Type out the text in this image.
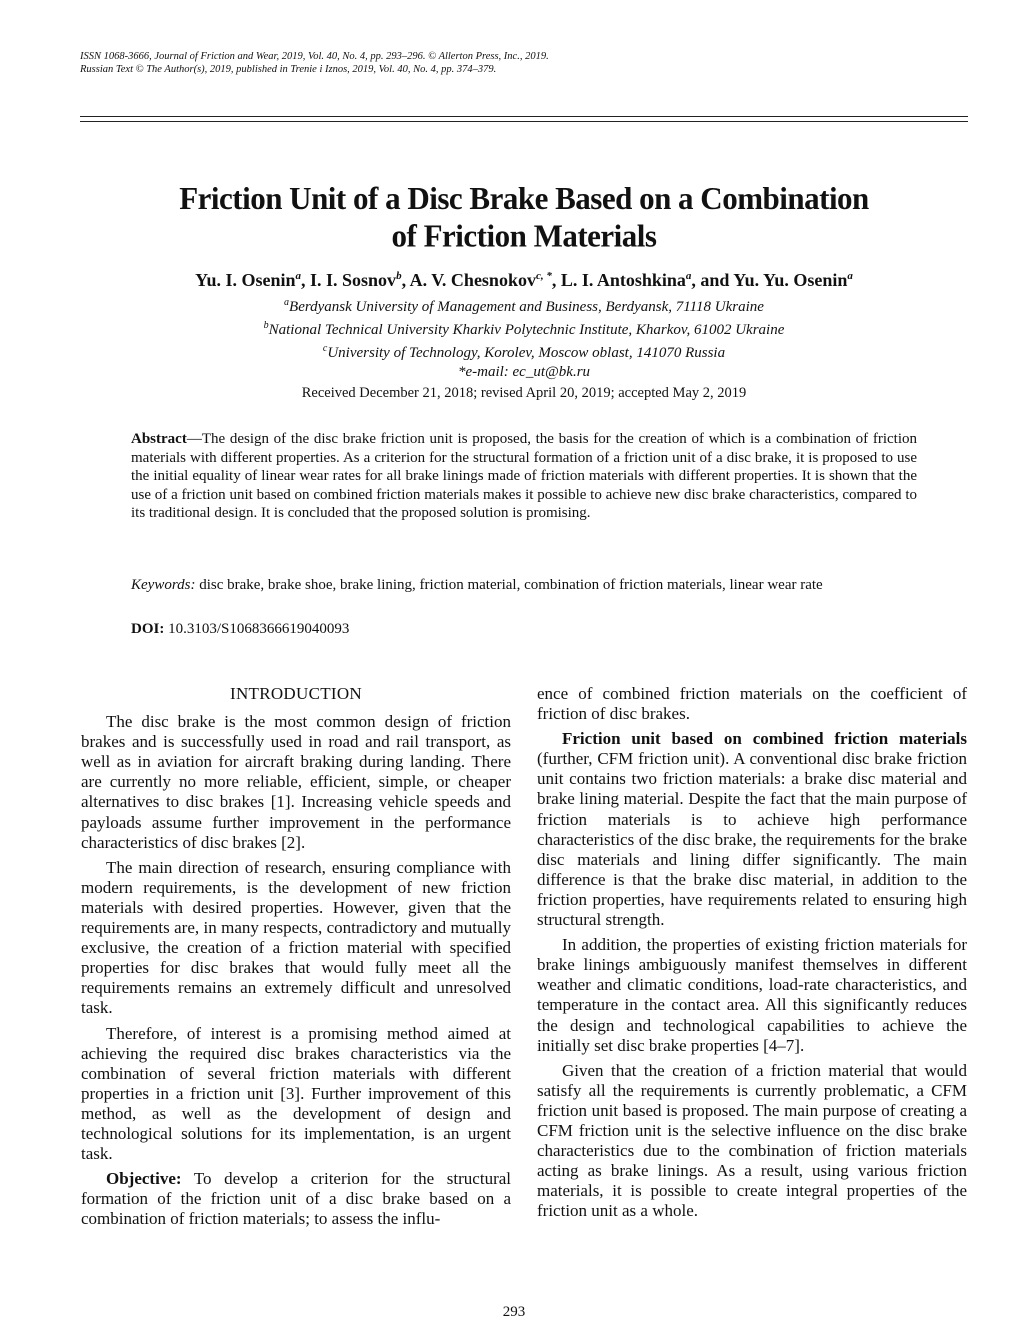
ISSN 1068-3666, Journal of Friction and Wear, 2019, Vol. 40, No. 4, pp. 293–296. © Allerton Press, Inc., 2019.
Russian Text © The Author(s), 2019, published in Trenie i Iznos, 2019, Vol. 40, No. 4, pp. 374–379.
Friction Unit of a Disc Brake Based on a Combination
of Friction Materials
Yu. I. Osenin$^a$, I. I. Sosnov$^b$, A. V. Chesnokov$^{c, *}$, L. I. Antoshkina$^a$, and Yu. Yu. Osenin$^a$
$^a$Berdyansk University of Management and Business, Berdyansk, 71118 Ukraine
$^b$National Technical University Kharkiv Polytechnic Institute, Kharkov, 61002 Ukraine
$^c$University of Technology, Korolev, Moscow oblast, 141070 Russia
*e-mail: ec_ut@bk.ru
Received December 21, 2018; revised April 20, 2019; accepted May 2, 2019
Abstract—The design of the disc brake friction unit is proposed, the basis for the creation of which is a combination of friction materials with different properties. As a criterion for the structural formation of a friction unit of a disc brake, it is proposed to use the initial equality of linear wear rates for all brake linings made of friction materials with different properties. It is shown that the use of a friction unit based on combined friction materials makes it possible to achieve new disc brake characteristics, compared to its traditional design. It is concluded that the proposed solution is promising.
Keywords: disc brake, brake shoe, brake lining, friction material, combination of friction materials, linear wear rate
DOI: 10.3103/S1068366619040093
INTRODUCTION

The disc brake is the most common design of friction brakes and is successfully used in road and rail transport, as well as in aviation for aircraft braking during landing. There are currently no more reliable, efficient, simple, or cheaper alternatives to disc brakes [1]. Increasing vehicle speeds and payloads assume further improvement in the performance characteristics of disc brakes [2].

The main direction of research, ensuring compliance with modern requirements, is the development of new friction materials with desired properties. However, given that the requirements are, in many respects, contradictory and mutually exclusive, the creation of a friction material with specified properties for disc brakes that would fully meet all the requirements remains an extremely difficult and unresolved task.

Therefore, of interest is a promising method aimed at achieving the required disc brakes characteristics via the combination of several friction materials with different properties in a friction unit [3]. Further improvement of this method, as well as the development of design and technological solutions for its implementation, is an urgent task.

Objective: To develop a criterion for the structural formation of the friction unit of a disc brake based on a combination of friction materials; to assess the influ-

ence of combined friction materials on the coefficient of friction of disc brakes.

Friction unit based on combined friction materials (further, CFM friction unit). A conventional disc brake friction unit contains two friction materials: a brake disc material and brake lining material. Despite the fact that the main purpose of friction materials is to achieve high performance characteristics of the disc brake, the requirements for the brake disc materials and lining differ significantly. The main difference is that the brake disc material, in addition to the friction properties, have requirements related to ensuring high structural strength.

In addition, the properties of existing friction materials for brake linings ambiguously manifest themselves in different weather and climatic conditions, load-rate characteristics, and temperature in the contact area. All this significantly reduces the design and technological capabilities to achieve the initially set disc brake properties [4–7].

Given that the creation of a friction material that would satisfy all the requirements is currently problematic, a CFM friction unit based is proposed. The main purpose of creating a CFM friction unit is the selective influence on the disc brake characteristics due to the combination of friction materials acting as brake linings. As a result, using various friction materials, it is possible to create integral properties of the friction unit as a whole.

293
